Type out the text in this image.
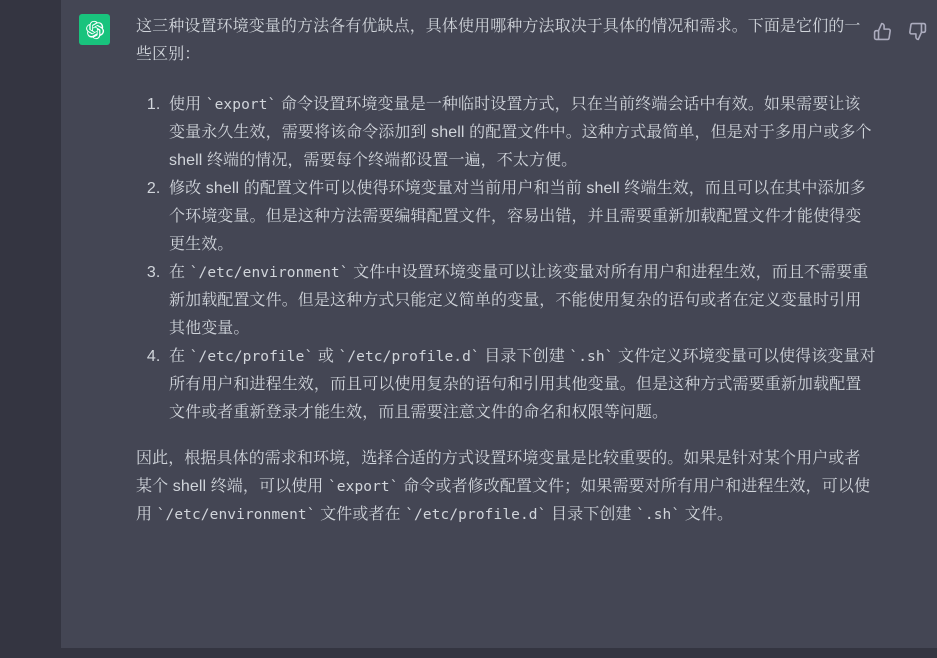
这三种设置环境变量的方法各有优缺点，具体使用哪种方法取决于具体的情况和需求。下面是它们的一些区别：

1. 使用 `export` 命令设置环境变量是一种临时设置方式，只在当前终端会话中有效。如果需要让该变量永久生效，需要将该命令添加到 shell 的配置文件中。这种方式最简单，但是对于多用户或多个 shell 终端的情况，需要每个终端都设置一遍，不太方便。
2. 修改 shell 的配置文件可以使得环境变量对当前用户和当前 shell 终端生效，而且可以在其中添加多个环境变量。但是这种方法需要编辑配置文件，容易出错，并且需要重新加载配置文件才能使得变更生效。
3. 在 `/etc/environment` 文件中设置环境变量可以让该变量对所有用户和进程生效，而且不需要重新加载配置文件。但是这种方式只能定义简单的变量，不能使用复杂的语句或者在定义变量时引用其他变量。
4. 在 `/etc/profile` 或 `/etc/profile.d` 目录下创建 `.sh` 文件定义环境变量可以使得该变量对所有用户和进程生效，而且可以使用复杂的语句和引用其他变量。但是这种方式需要重新加载配置文件或者重新登录才能生效，而且需要注意文件的命名和权限等问题。

因此，根据具体的需求和环境，选择合适的方式设置环境变量是比较重要的。如果是针对某个用户或者某个 shell 终端，可以使用 `export` 命令或者修改配置文件；如果需要对所有用户和进程生效，可以使用 `/etc/environment` 文件或者在 `/etc/profile.d` 目录下创建 `.sh` 文件。
